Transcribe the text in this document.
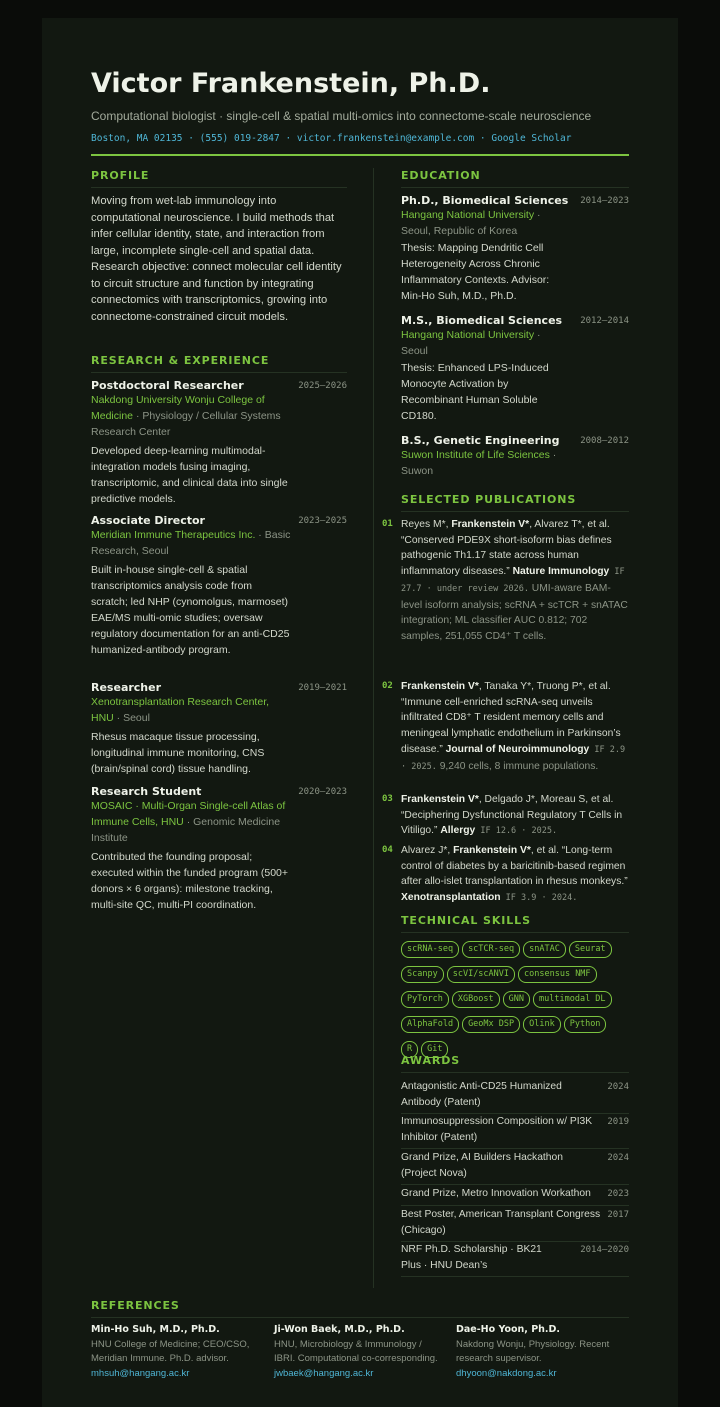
Victor Frankenstein, Ph.D.
Computational biologist · single-cell & spatial multi-omics into connectome-scale neuroscience
Boston, MA 02135 · (555) 019-2847 · victor.frankenstein@example.com · Google Scholar
PROFILE

Moving from wet-lab immunology into computational neuroscience. I build methods that infer cellular identity, state, and interaction from large, incomplete single-cell and spatial data. Research objective: connect molecular cell identity to circuit structure and function by integrating connectomics with transcriptomics, growing into connectome-constrained circuit models.

RESEARCH & EXPERIENCE
Postdoctoral Researcher	2025–2026
Nakdong University Wonju College of Medicine · Physiology / Cellular Systems Research Center
Developed deep-learning multimodal-integration models fusing imaging, transcriptomic, and clinical data into single predictive models.
Associate Director	2023–2025
Meridian Immune Therapeutics Inc. · Basic Research, Seoul
Built in-house single-cell & spatial transcriptomics analysis code from scratch; led NHP (cynomolgus, marmoset) EAE/MS multi-omic studies; oversaw regulatory documentation for an anti-CD25 humanized-antibody program.
Researcher	2019–2021
Xenotransplantation Research Center, HNU · Seoul
Rhesus macaque tissue processing, longitudinal immune monitoring, CNS (brain/spinal cord) tissue handling.
Research Student	2020–2023
MOSAIC · Multi-Organ Single-cell Atlas of Immune Cells, HNU · Genomic Medicine Institute
Contributed the founding proposal; executed within the funded program (500+ donors × 6 organs): milestone tracking, multi-site QC, multi-PI coordination.
EDUCATION
Ph.D., Biomedical Sciences	2014–2023
Hangang National University ·
Seoul, Republic of Korea
Thesis: Mapping Dendritic Cell Heterogeneity Across Chronic Inflammatory Contexts. Advisor: Min-Ho Suh, M.D., Ph.D.
M.S., Biomedical Sciences	2012–2014
Hangang National University ·
Seoul
Thesis: Enhanced LPS-Induced Monocyte Activation by Recombinant Human Soluble CD180.
B.S., Genetic Engineering	2008–2012
Suwon Institute of Life Sciences ·
Suwon
SELECTED PUBLICATIONS
01 Reyes M*, Frankenstein V*, Alvarez T*, et al. “Conserved PDE9X short-isoform bias defines pathogenic Th1.17 state across human inflammatory diseases.” Nature Immunology IF 27.7 · under review 2026. UMI-aware BAM-level isoform analysis; scRNA + scTCR + snATAC integration; ML classifier AUC 0.812; 702 samples, 251,055 CD4⁺ T cells.
02 Frankenstein V*, Tanaka Y*, Truong P*, et al. “Immune cell-enriched scRNA-seq unveils infiltrated CD8⁺ T resident memory cells and meningeal lymphatic endothelium in Parkinson’s disease.” Journal of Neuroimmunology IF 2.9 · 2025. 9,240 cells, 8 immune populations.
03 Frankenstein V*, Delgado J*, Moreau S, et al. “Deciphering Dysfunctional Regulatory T Cells in Vitiligo.” Allergy IF 12.6 · 2025.
04 Alvarez J*, Frankenstein V*, et al. “Long-term control of diabetes by a baricitinib-based regimen after allo-islet transplantation in rhesus monkeys.” Xenotransplantation IF 3.9 · 2024.
TECHNICAL SKILLS
scRNA-seq scTCR-seq snATAC Seurat
Scanpy scVI/scANVI consensus NMF
PyTorch XGBoost GNN multimodal DL
AlphaFold GeoMx DSP Olink Python
R Git
AWARDS
Antagonistic Anti-CD25 Humanized Antibody (Patent)
2024
Immunosuppression Composition w/ PI3K Inhibitor (Patent)
2019
Grand Prize, AI Builders Hackathon (Project Nova)
2024
Grand Prize, Metro Innovation Workathon	2023
Best Poster, American Transplant Congress (Chicago)
2017
NRF Ph.D. Scholarship · BK21 Plus · HNU Dean’s
2014–2020
REFERENCES
Min-Ho Suh, M.D., Ph.D.
HNU College of Medicine; CEO/CSO, Meridian Immune. Ph.D. advisor.
mhsuh@hangang.ac.kr
Ji-Won Baek, M.D., Ph.D.
HNU, Microbiology & Immunology / IBRI. Computational co-corresponding.
jwbaek@hangang.ac.kr
Dae-Ho Yoon, Ph.D.
Nakdong Wonju, Physiology. Recent research supervisor.
dhyoon@nakdong.ac.kr
